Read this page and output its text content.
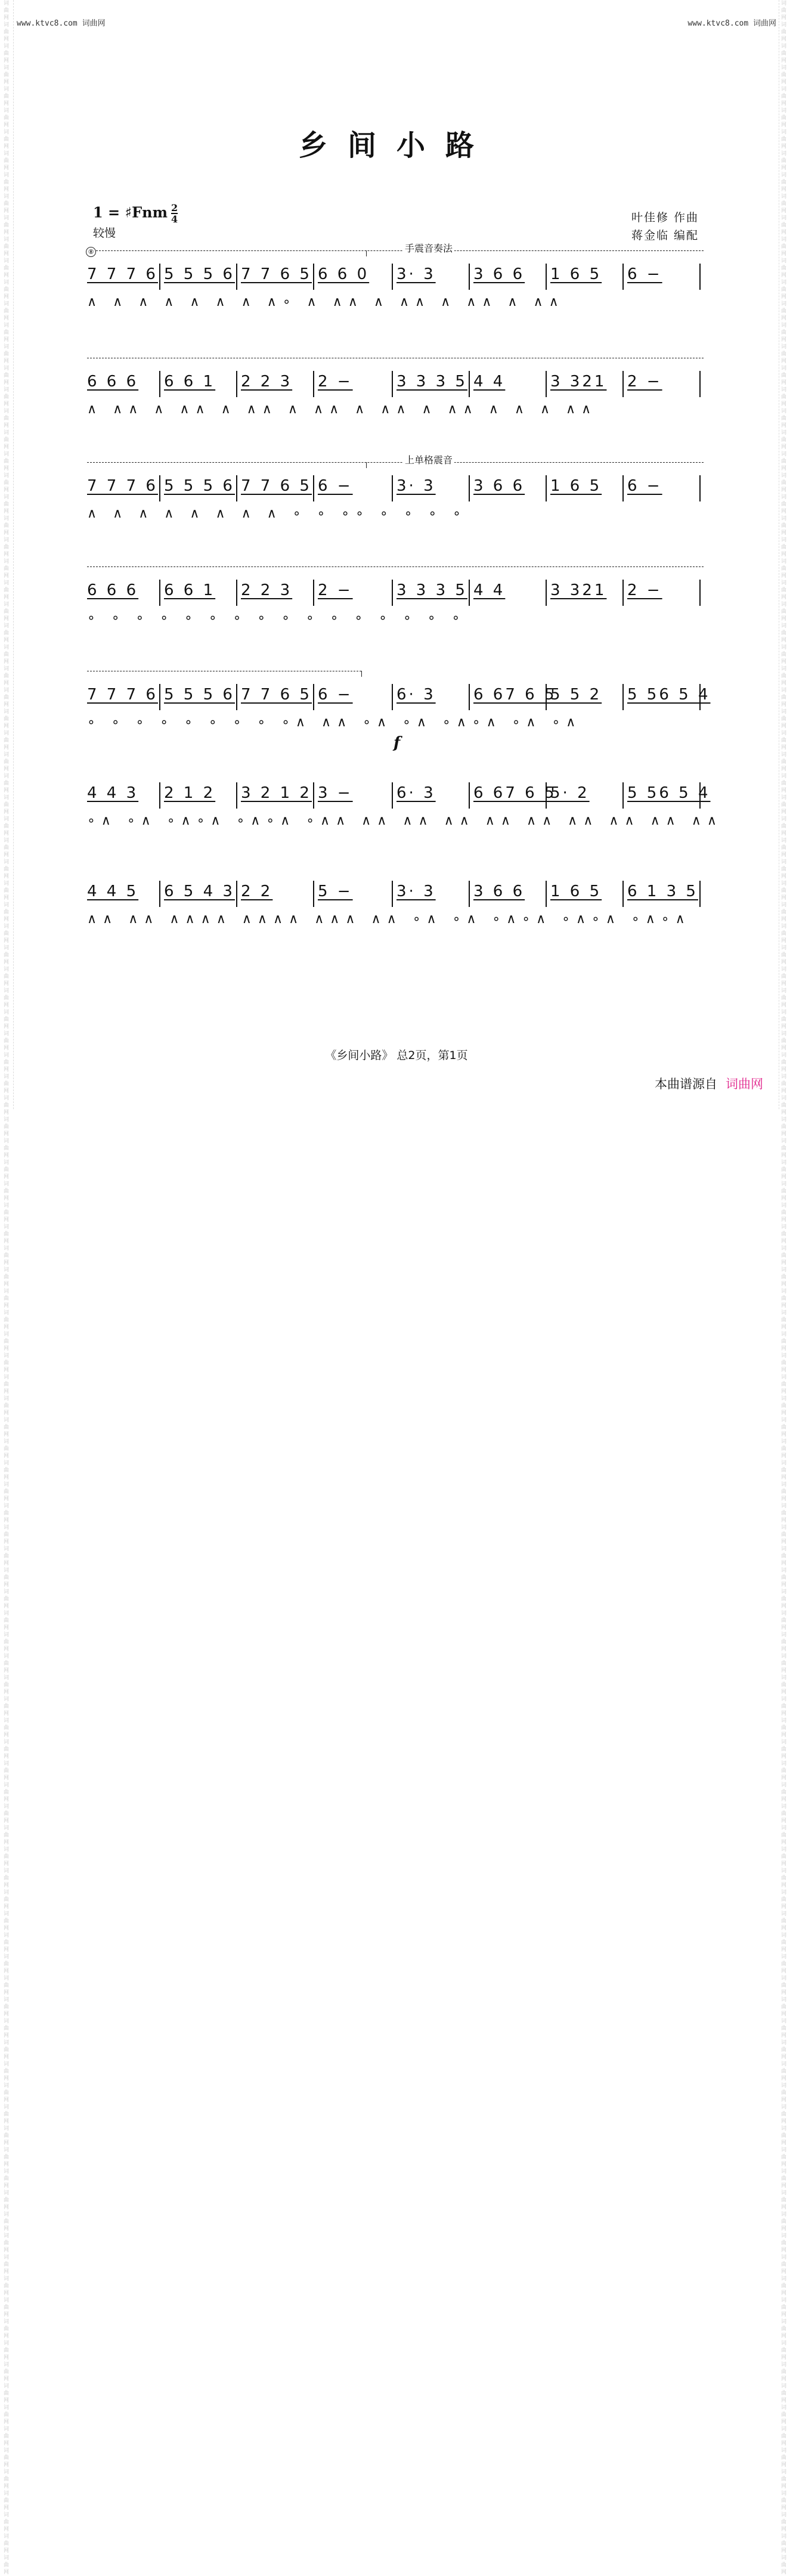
词曲网 词曲网 词曲网 词曲网 词曲网 词曲网 词曲网 词曲网 词曲网 词曲网 词曲网 词曲网 词曲网 词曲网 词曲网 词曲网 词曲网 词曲网 词曲网 词曲网 词曲网 词曲网 词曲网 词曲网 词曲网 词曲网 词曲网 词曲网 词曲网 词曲网 词曲网 词曲网 词曲网 词曲网 词曲网 词曲网 词曲网 词曲网 词曲网 词曲网 词曲网 词曲网 词曲网 词曲网 词曲网 词曲网 词曲网 词曲网 词曲网 词曲网 词曲网 词曲网 词曲网 词曲网 词曲网 词曲网 词曲网 词曲网 词曲网 词曲网 词曲网 词曲网 词曲网 词曲网 词曲网 词曲网 词曲网 词曲网 词曲网 词曲网 词曲网 词曲网 词曲网 词曲网 词曲网 词曲网 词曲网 词曲网 词曲网 词曲网 词曲网 词曲网 词曲网 词曲网 词曲网 词曲网 词曲网 词曲网 词曲网 词曲网 词曲网 词曲网 词曲网 词曲网 词曲网 词曲网 词曲网 词曲网 词曲网 词曲网 词曲网 词曲网 词曲网 词曲网 词曲网 词曲网 词曲网 词曲网 词曲网 词曲网 词曲网 词曲网 词曲网 词曲网 词曲网 词曲网 词曲网 词曲网 词曲网 词曲网
词曲网 词曲网 词曲网 词曲网 词曲网 词曲网 词曲网 词曲网 词曲网 词曲网 词曲网 词曲网 词曲网 词曲网 词曲网 词曲网 词曲网 词曲网 词曲网 词曲网 词曲网 词曲网 词曲网 词曲网 词曲网 词曲网 词曲网 词曲网 词曲网 词曲网 词曲网 词曲网 词曲网 词曲网 词曲网 词曲网 词曲网 词曲网 词曲网 词曲网 词曲网 词曲网 词曲网 词曲网 词曲网 词曲网 词曲网 词曲网 词曲网 词曲网 词曲网 词曲网 词曲网 词曲网 词曲网 词曲网 词曲网 词曲网 词曲网 词曲网 词曲网 词曲网 词曲网 词曲网 词曲网 词曲网 词曲网 词曲网 词曲网 词曲网 词曲网 词曲网 词曲网 词曲网 词曲网 词曲网 词曲网 词曲网 词曲网 词曲网 词曲网 词曲网 词曲网 词曲网 词曲网 词曲网 词曲网 词曲网 词曲网 词曲网 词曲网 词曲网 词曲网 词曲网 词曲网 词曲网 词曲网 词曲网 词曲网 词曲网 词曲网 词曲网 词曲网 词曲网 词曲网 词曲网 词曲网 词曲网 词曲网 词曲网 词曲网 词曲网 词曲网 词曲网 词曲网 词曲网 词曲网 词曲网 词曲网 词曲网
www.ktvc8.com 词曲网	www.ktvc8.com 词曲网
乡间小路
1 = ♯Fnm $\frac{2}{4}$
较慢
叶佳修 作曲
蒋金临 编配
⑧	手震音奏法
7 7 7 6 5 5 5 6 7 7 6 5 6 6 0	3· 3	3 6 6	1 6 5	6 −
∧ ∧ ∧ ∧ ∧ ∧ ∧ ∧∘ ∧ ∧∧ ∧ ∧∧ ∧ ∧∧ ∧ ∧∧
6 6 6	6 6 1	2 2 3	2 −	3 3 3 5 4 4	3 321	2 −
∧ ∧∧ ∧ ∧∧ ∧ ∧∧ ∧ ∧∧ ∧ ∧∧ ∧ ∧∧ ∧ ∧ ∧ ∧∧
上单格震音
7 7 7 6 5 5 5 6 7 7 6 5 6 −	3· 3	3 6 6	1 6 5	6 −
∧ ∧ ∧ ∧ ∧ ∧ ∧ ∧ ∘ ∘ ∘∘ ∘ ∘ ∘ ∘
6 6 6	6 6 1	2 2 3	2 −	3 3 3 5 4 4	3 321	2 −
∘ ∘ ∘ ∘ ∘ ∘ ∘ ∘ ∘ ∘ ∘ ∘ ∘ ∘ ∘ ∘
7 7 7 6 5 5 5 6 7 7 6 5 6 −	6· 3	6 67 6 5
5 5 2	5 56 5 4
∘ ∘ ∘ ∘ ∘ ∘ ∘ ∘ ∘∧ ∧∧ ∘∧ ∘∧ ∘∧∘∧ ∘∧ ∘∧
f
4 4 3	2 1 2	3 2 1 2 3 −	6· 3	6 67 6 5
5· 2	5 56 5 4
∘∧ ∘∧ ∘∧∘∧ ∘∧∘∧ ∘∧∧ ∧∧ ∧∧ ∧∧ ∧∧ ∧∧ ∧∧ ∧∧ ∧∧ ∧∧
4 4 5	6 5 4 3 2 2	5 −	3· 3	3 6 6	1 6 5	6 1 3 5
∧∧ ∧∧ ∧∧∧∧ ∧∧∧∧ ∧∧∧ ∧∧ ∘∧ ∘∧ ∘∧∘∧ ∘∧∘∧ ∘∧∘∧
《乡间小路》 总2页，第1页
本曲谱源自 词曲网
